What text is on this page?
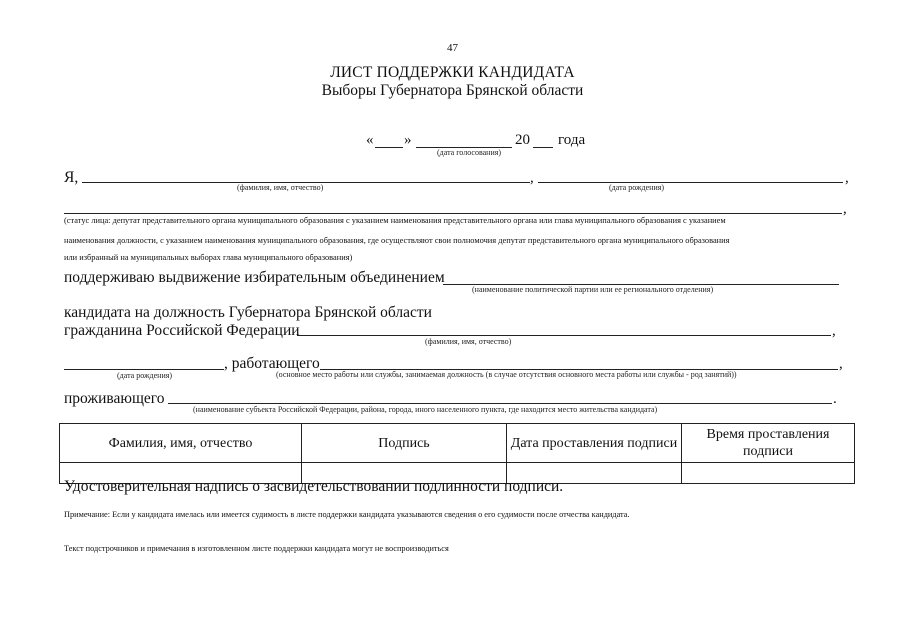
47
ЛИСТ ПОДДЕРЖКИ КАНДИДАТА
Выборы Губернатора Брянской области
« »	20 года
(дата голосования)
Я,	,	,
(фамилия, имя, отчество)	(дата рождения)
,
(статус лица: депутат представительного органа муниципального образования с указанием наименования представительного органа или глава муниципального образования с указанием
наименования должности, с указанием наименования муниципального образования, где осуществляют свои полномочия депутат представительного органа муниципального образования
или избранный на муниципальных выборах глава муниципального образования)
поддерживаю выдвижение избирательным объединением
(наименование политической партии или ее регионального отделения)
кандидата на должность Губернатора Брянской области
гражданина Российской Федерации	,
(фамилия, имя, отчество)
, работающего	,
(дата рождения)	(основное место работы или службы, занимаемая должность (в случае отсутствия основного места работы или службы - род занятий))
проживающего	.
(наименование субъекта Российской Федерации, района, города, иного населенного пункта, где находится место жительства кандидата)
Фамилия, имя, отчество	Подпись	Дата проставления подписи	Время проставления подписи

Удостоверительная надпись о засвидетельствовании подлинности подписи.
Примечание: Если у кандидата имелась или имеется судимость в листе поддержки кандидата указываются сведения о его судимости после отчества кандидата.
Текст подстрочников и примечания в изготовленном листе поддержки кандидата могут не воспроизводиться
